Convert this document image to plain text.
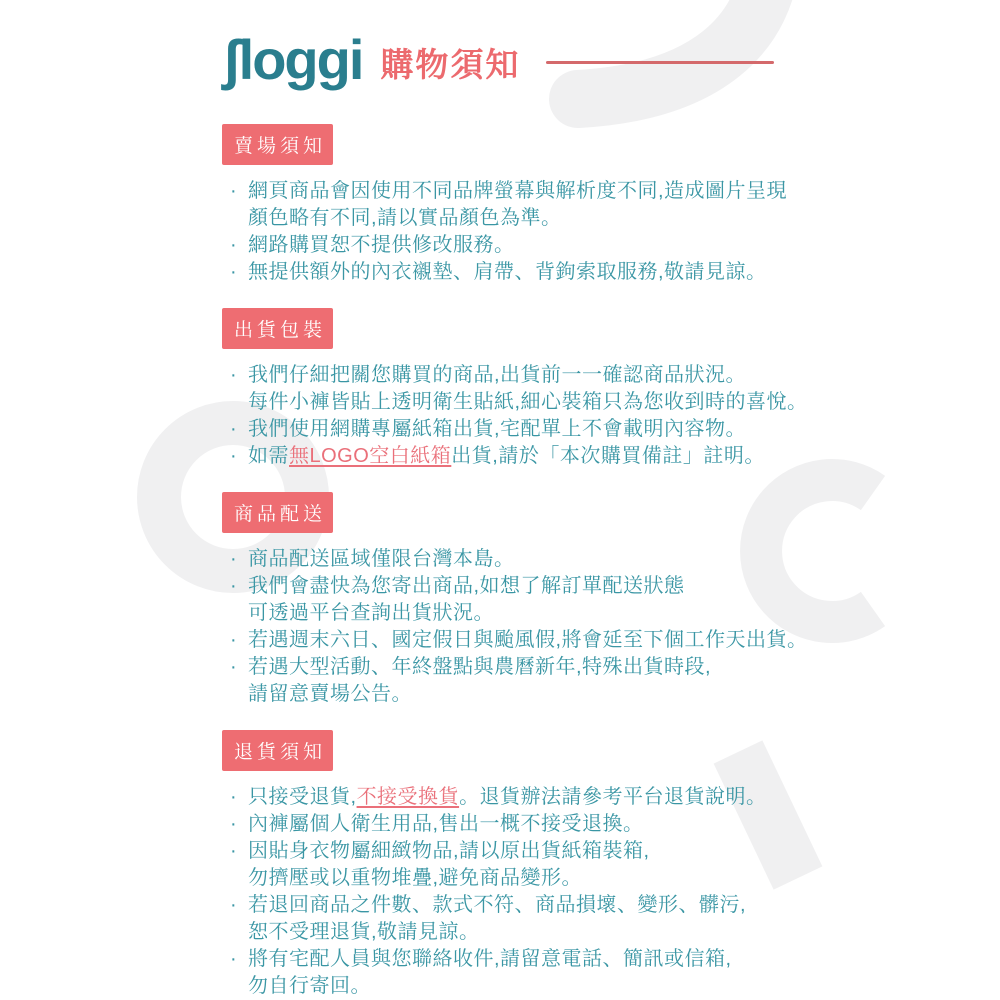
ʃloggi 購物須知
賣場須知
· 網頁商品會因使用不同品牌螢幕與解析度不同,造成圖片呈現
顏色略有不同,請以實品顏色為準。
· 網路購買恕不提供修改服務。
· 無提供額外的內衣襯墊、肩帶、背鉤索取服務,敬請見諒。
出貨包裝
· 我們仔細把關您購買的商品,出貨前一一確認商品狀況。
每件小褲皆貼上透明衛生貼紙,細心裝箱只為您收到時的喜悅。
· 我們使用網購專屬紙箱出貨,宅配單上不會載明內容物。
· 如需無LOGO空白紙箱出貨,請於「本次購買備註」註明。
商品配送
· 商品配送區域僅限台灣本島。
· 我們會盡快為您寄出商品,如想了解訂單配送狀態
可透過平台查詢出貨狀況。
· 若遇週末六日、國定假日與颱風假,將會延至下個工作天出貨。
· 若遇大型活動、年終盤點與農曆新年,特殊出貨時段,
請留意賣場公告。
退貨須知
· 只接受退貨,不接受換貨。退貨辦法請參考平台退貨說明。
· 內褲屬個人衛生用品,售出一概不接受退換。
· 因貼身衣物屬細緻物品,請以原出貨紙箱裝箱,
勿擠壓或以重物堆疊,避免商品變形。
· 若退回商品之件數、款式不符、商品損壞、變形、髒污,
恕不受理退貨,敬請見諒。
· 將有宅配人員與您聯絡收件,請留意電話、簡訊或信箱,
勿自行寄回。
